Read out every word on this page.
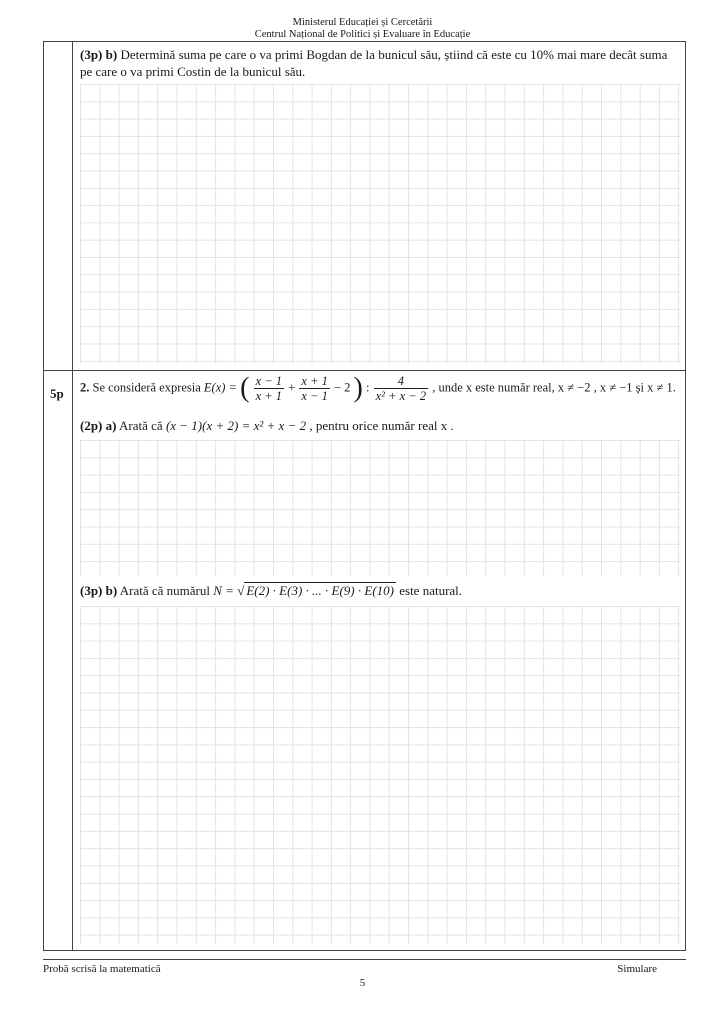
Ministerul Educației și Cercetării
Centrul Național de Politici și Evaluare în Educație
(3p) b) Determină suma pe care o va primi Bogdan de la bunicul său, știind că este cu 10% mai mare decât suma
pe care o va primi Costin de la bunicul său.
5p 2. Se consideră expresia E(x) = ( $\frac{x - 1}{x + 1} + \frac{x + 1}{x - 1} - 2$ ) : $\frac{4}{\text{x² + x − 2}}$ , unde x este număr real, x ≠ −2 , x ≠ −1 și x ≠ 1.
(2p) a) Arată că (x − 1)(x + 2) = x² + x − 2 , pentru orice număr real x .
(3p) b) Arată că numărul N = √ E(2) · E(3) · ... · E(9) · E(10) este natural.
Probă scrisă la matematică	Simulare
5
